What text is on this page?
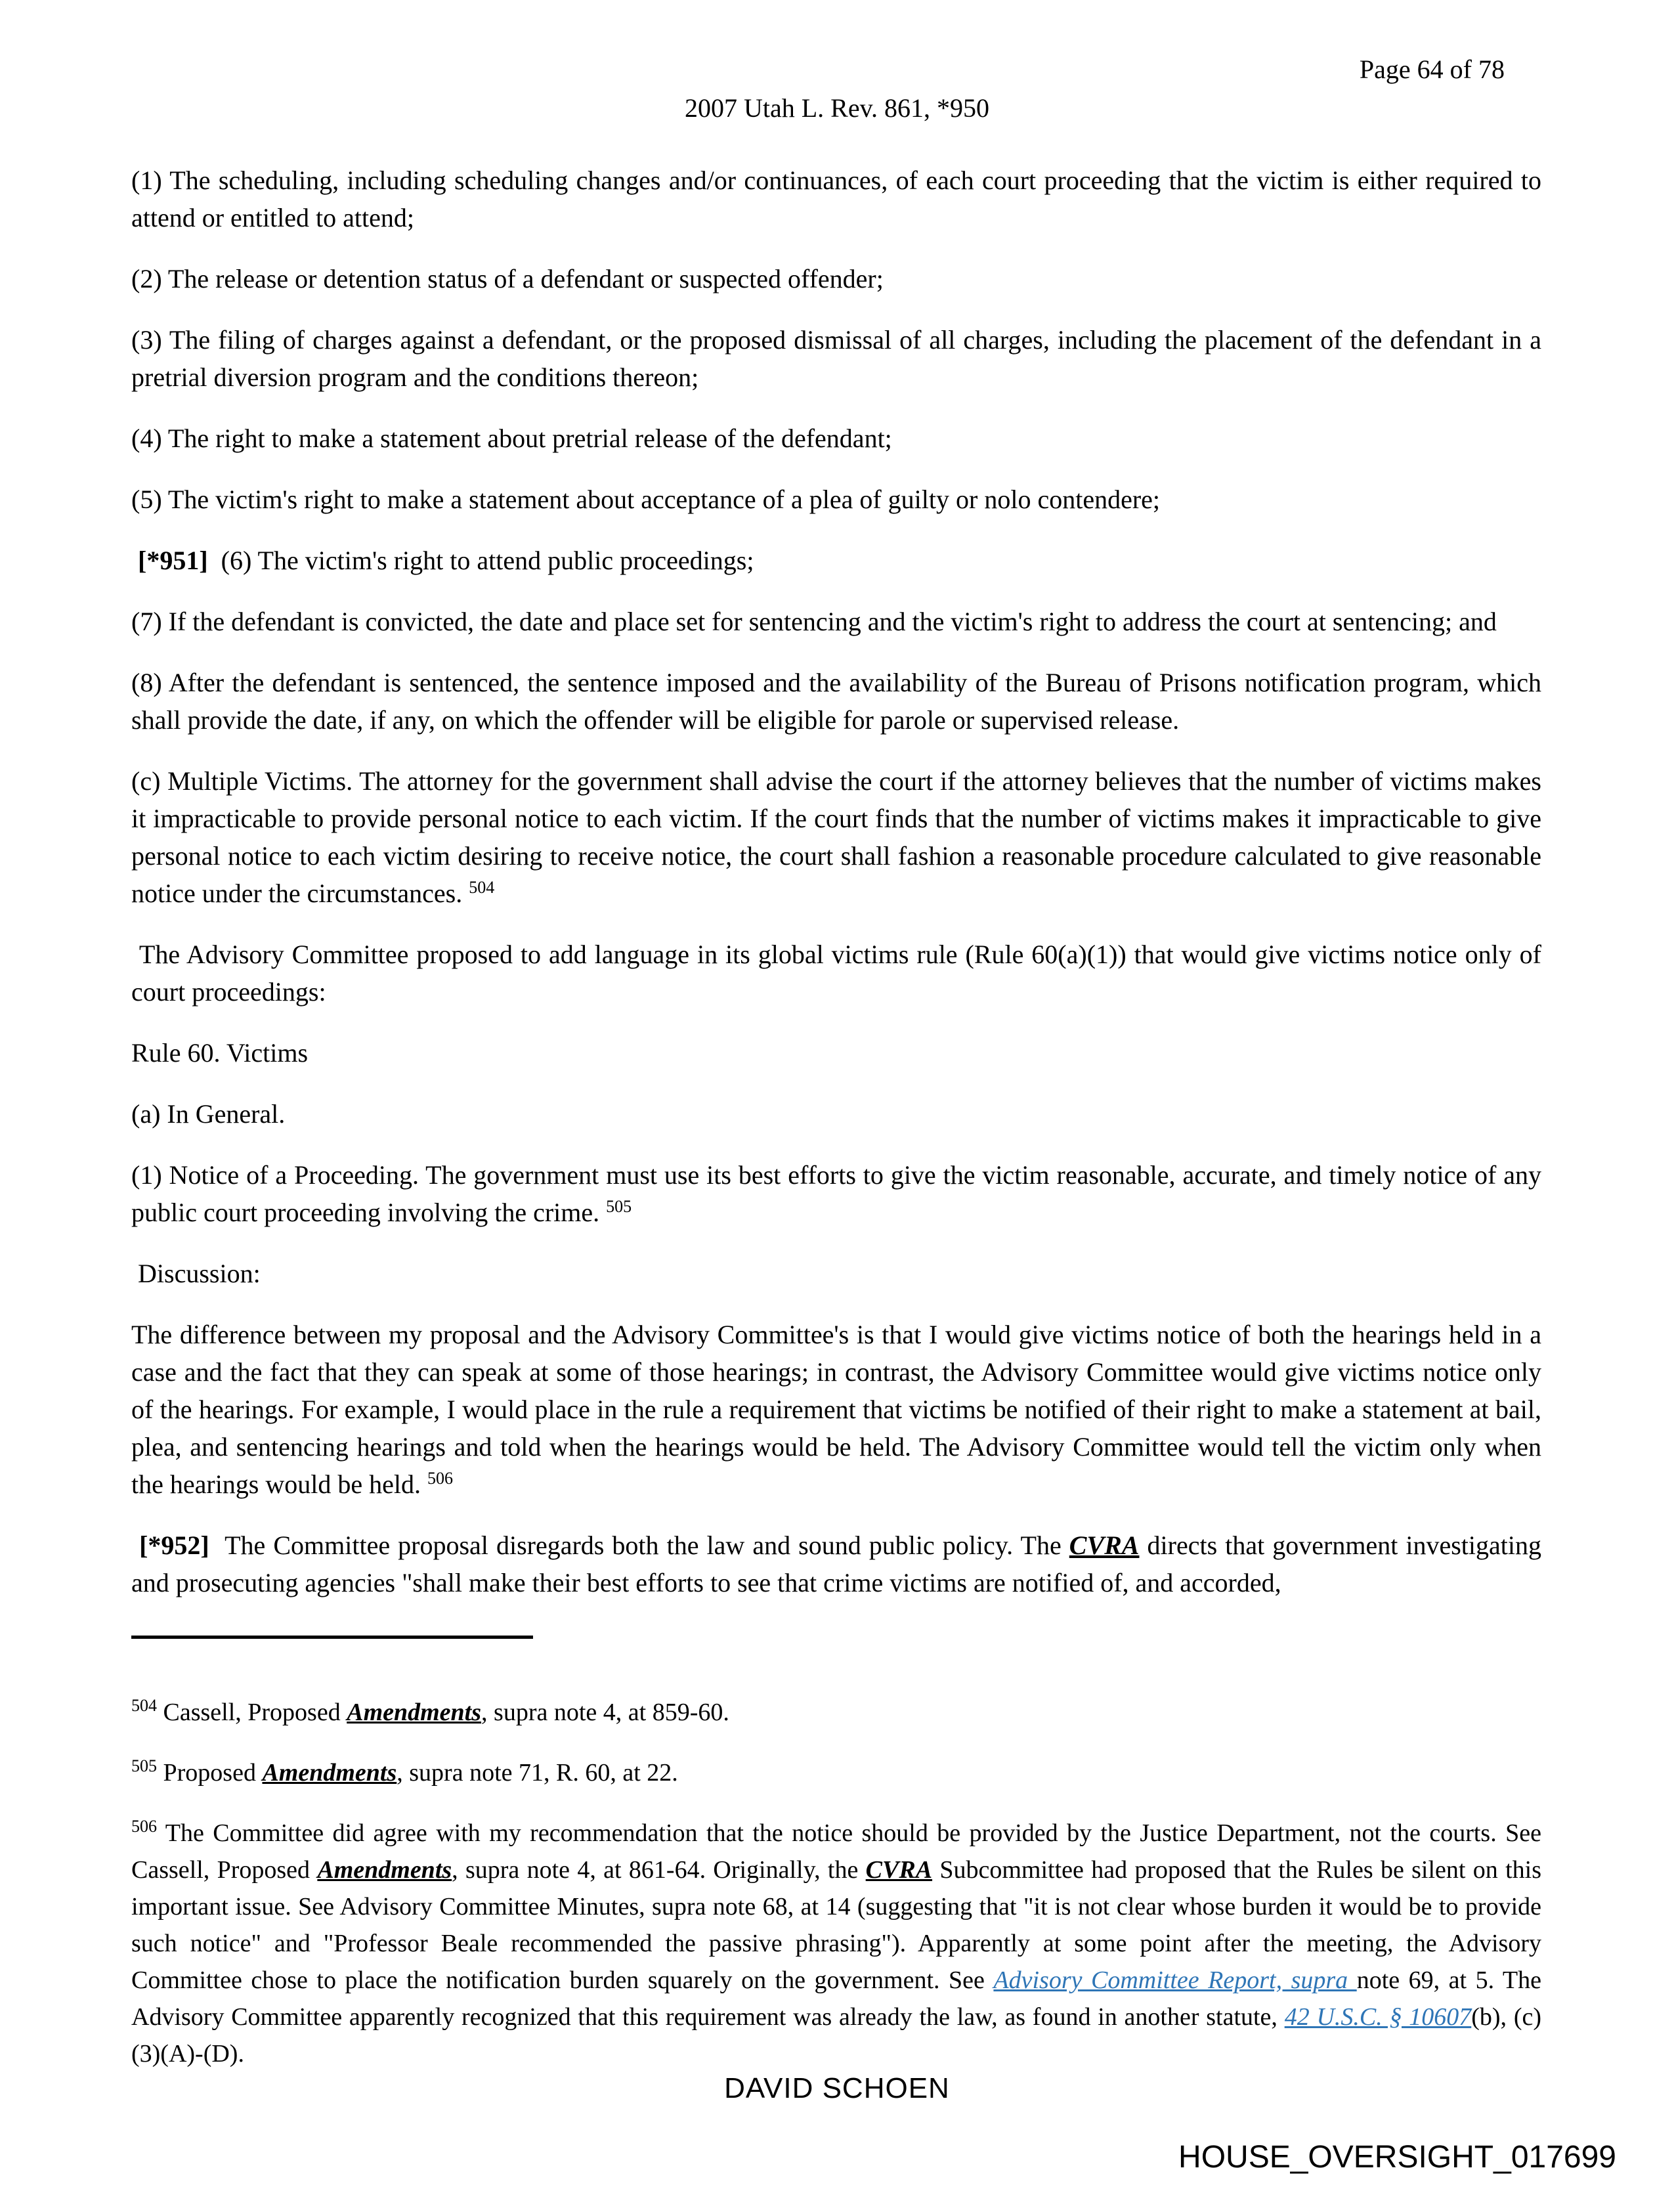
Page 64 of 78
2007 Utah L. Rev. 861, *950

(1) The scheduling, including scheduling changes and/or continuances, of each court proceeding that the victim is either required to attend or entitled to attend;

(2) The release or detention status of a defendant or suspected offender;

(3) The filing of charges against a defendant, or the proposed dismissal of all charges, including the placement of the defendant in a pretrial diversion program and the conditions thereon;

(4) The right to make a statement about pretrial release of the defendant;

(5) The victim's right to make a statement about acceptance of a plea of guilty or nolo contendere;

[*951]  (6) The victim's right to attend public proceedings;

(7) If the defendant is convicted, the date and place set for sentencing and the victim's right to address the court at sentencing; and

(8) After the defendant is sentenced, the sentence imposed and the availability of the Bureau of Prisons notification program, which shall provide the date, if any, on which the offender will be eligible for parole or supervised release.

(c) Multiple Victims. The attorney for the government shall advise the court if the attorney believes that the number of victims makes it impracticable to provide personal notice to each victim. If the court finds that the number of victims makes it impracticable to give personal notice to each victim desiring to receive notice, the court shall fashion a reasonable procedure calculated to give reasonable notice under the circumstances. $^{504}$

The Advisory Committee proposed to add language in its global victims rule (Rule 60(a)(1)) that would give victims notice only of court proceedings:

Rule 60. Victims

(a) In General.

(1) Notice of a Proceeding. The government must use its best efforts to give the victim reasonable, accurate, and timely notice of any public court proceeding involving the crime. $^{505}$

Discussion:

The difference between my proposal and the Advisory Committee's is that I would give victims notice of both the hearings held in a case and the fact that they can speak at some of those hearings; in contrast, the Advisory Committee would give victims notice only of the hearings. For example, I would place in the rule a requirement that victims be notified of their right to make a statement at bail, plea, and sentencing hearings and told when the hearings would be held. The Advisory Committee would tell the victim only when the hearings would be held. $^{506}$

[*952]  The Committee proposal disregards both the law and sound public policy. The CVRA directs that government investigating and prosecuting agencies "shall make their best efforts to see that crime victims are notified of, and accorded,

$^{504}$ Cassell, Proposed Amendments, supra note 4, at 859-60.

$^{505}$ Proposed Amendments, supra note 71, R. 60, at 22.

$^{506}$ The Committee did agree with my recommendation that the notice should be provided by the Justice Department, not the courts. See Cassell, Proposed Amendments, supra note 4, at 861-64. Originally, the CVRA Subcommittee had proposed that the Rules be silent on this important issue. See Advisory Committee Minutes, supra note 68, at 14 (suggesting that "it is not clear whose burden it would be to provide such notice" and "Professor Beale recommended the passive phrasing"). Apparently at some point after the meeting, the Advisory Committee chose to place the notification burden squarely on the government. See Advisory Committee Report, supra note 69, at 5. The Advisory Committee apparently recognized that this requirement was already the law, as found in another statute, 42 U.S.C. § 10607(b), (c)(3)(A)-(D).

DAVID SCHOEN
HOUSE_OVERSIGHT_017699
